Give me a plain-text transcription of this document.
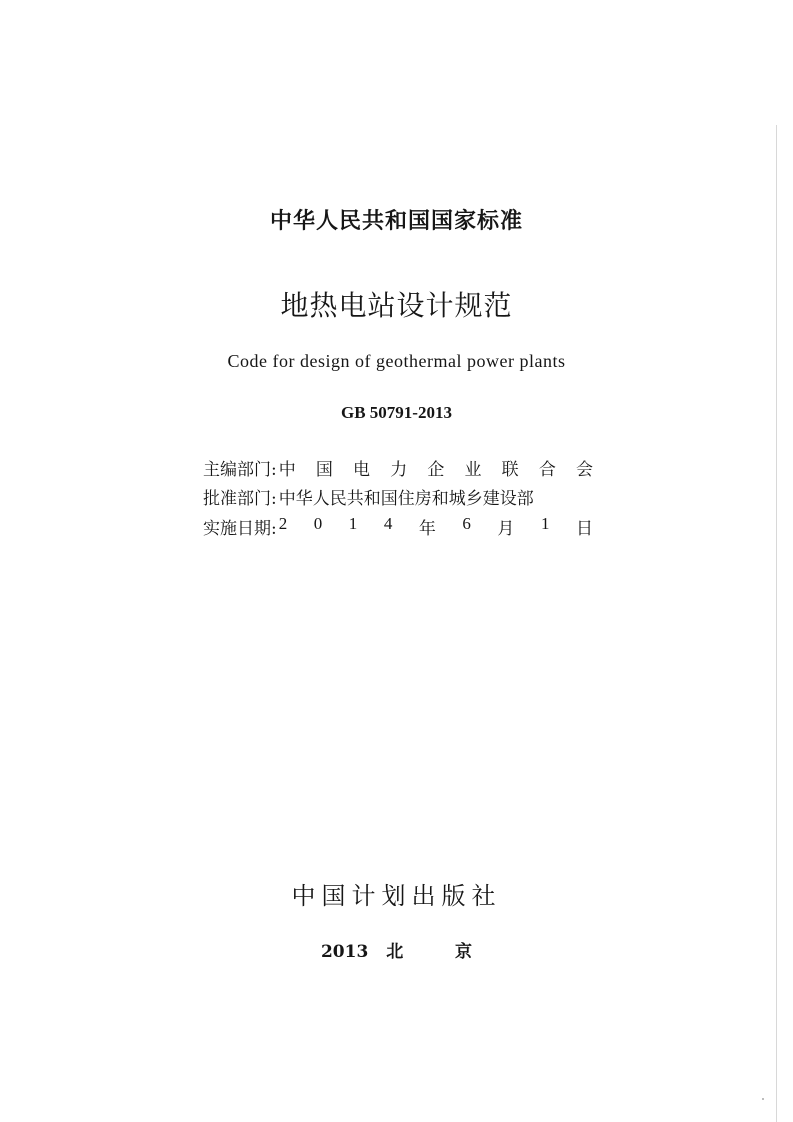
中华人民共和国国家标准
地热电站设计规范
Code for design of geothermal power plants
GB 50791-2013
主编部门: 中 国 电 力 企 业 联 合 会
批准部门: 中华人民共和国住房和城乡建设部
实施日期: 2 0 1 4 年 6 月 1 日
中国计划出版社
2013 北	京
